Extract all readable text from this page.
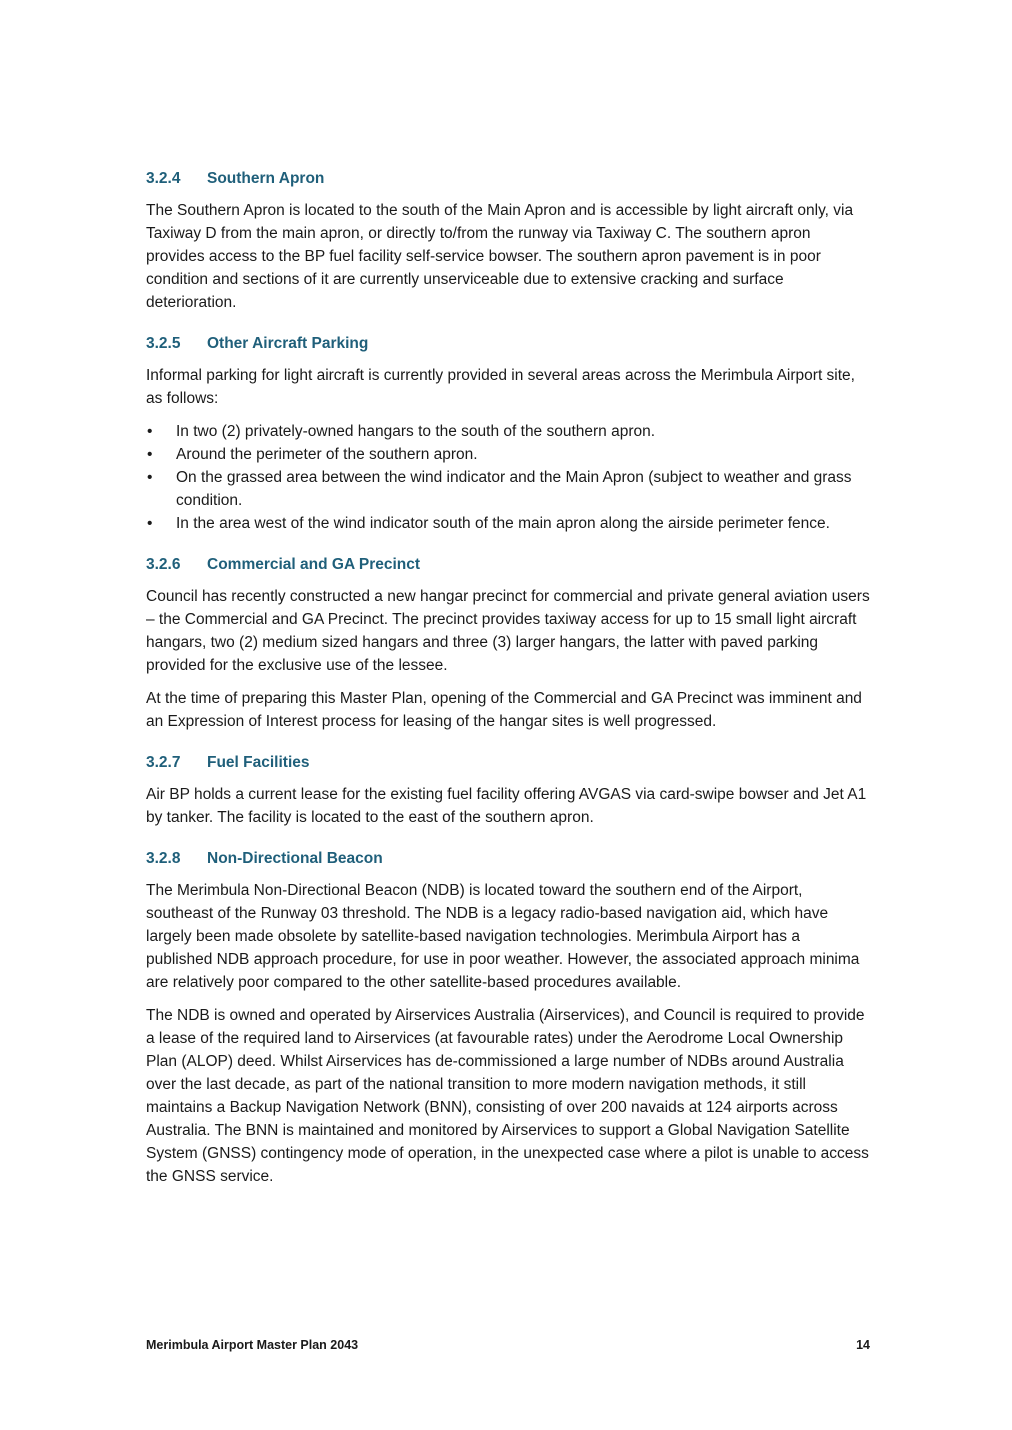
3.2.4	Southern Apron

The Southern Apron is located to the south of the Main Apron and is accessible by light aircraft only, via Taxiway D from the main apron, or directly to/from the runway via Taxiway C. The southern apron provides access to the BP fuel facility self-service bowser. The southern apron pavement is in poor condition and sections of it are currently unserviceable due to extensive cracking and surface deterioration.

3.2.5	Other Aircraft Parking

Informal parking for light aircraft is currently provided in several areas across the Merimbula Airport site, as follows:

• In two (2) privately-owned hangars to the south of the southern apron.
• Around the perimeter of the southern apron.
• On the grassed area between the wind indicator and the Main Apron (subject to weather and grass condition.
• In the area west of the wind indicator south of the main apron along the airside perimeter fence.
3.2.6	Commercial and GA Precinct

Council has recently constructed a new hangar precinct for commercial and private general aviation users – the Commercial and GA Precinct. The precinct provides taxiway access for up to 15 small light aircraft hangars, two (2) medium sized hangars and three (3) larger hangars, the latter with paved parking provided for the exclusive use of the lessee.

At the time of preparing this Master Plan, opening of the Commercial and GA Precinct was imminent and an Expression of Interest process for leasing of the hangar sites is well progressed.

3.2.7	Fuel Facilities

Air BP holds a current lease for the existing fuel facility offering AVGAS via card-swipe bowser and Jet A1 by tanker. The facility is located to the east of the southern apron.

3.2.8	Non-Directional Beacon

The Merimbula Non-Directional Beacon (NDB) is located toward the southern end of the Airport, southeast of the Runway 03 threshold. The NDB is a legacy radio-based navigation aid, which have largely been made obsolete by satellite-based navigation technologies. Merimbula Airport has a published NDB approach procedure, for use in poor weather. However, the associated approach minima are relatively poor compared to the other satellite-based procedures available.

The NDB is owned and operated by Airservices Australia (Airservices), and Council is required to provide a lease of the required land to Airservices (at favourable rates) under the Aerodrome Local Ownership Plan (ALOP) deed. Whilst Airservices has de-commissioned a large number of NDBs around Australia over the last decade, as part of the national transition to more modern navigation methods, it still maintains a Backup Navigation Network (BNN), consisting of over 200 navaids at 124 airports across Australia. The BNN is maintained and monitored by Airservices to support a Global Navigation Satellite System (GNSS) contingency mode of operation, in the unexpected case where a pilot is unable to access the GNSS service.

Merimbula Airport Master Plan 2043	14
